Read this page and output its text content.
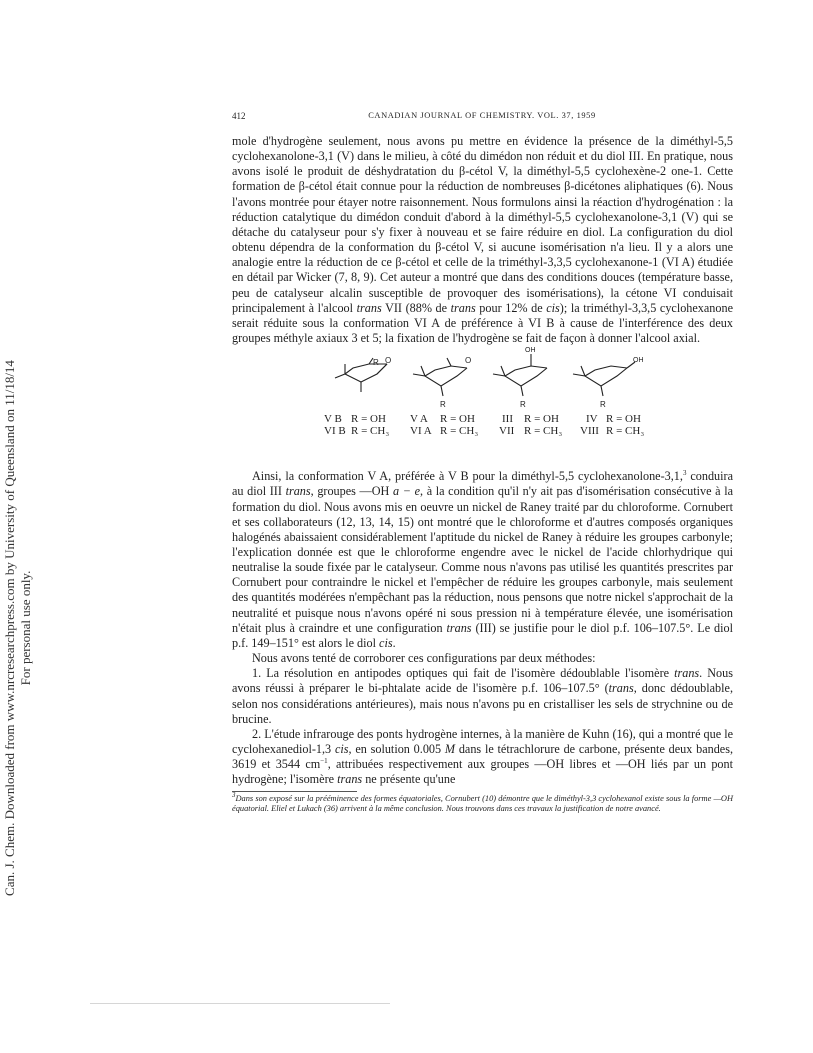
Can. J. Chem. Downloaded from www.nrcresearchpress.com by University of Queensland on 11/18/14 For personal use only.
412	CANADIAN JOURNAL OF CHEMISTRY. VOL. 37, 1959

mole d'hydrogène seulement, nous avons pu mettre en évidence la présence de la diméthyl-5,5 cyclohexanolone-3,1 (V) dans le milieu, à côté du dimédon non réduit et du diol III. En pratique, nous avons isolé le produit de déshydratation du β-cétol V, la diméthyl-5,5 cyclohexène-2 one-1. Cette formation de β-cétol était connue pour la réduction de nombreuses β-dicétones aliphatiques (6). Nous l'avons montrée pour étayer notre raisonnement. Nous formulons ainsi la réaction d'hydrogénation : la réduction catalytique du dimédon conduit d'abord à la diméthyl-5,5 cyclohexanolone-3,1 (V) qui se détache du catalyseur pour s'y fixer à nouveau et se faire réduire en diol. La configuration du diol obtenu dépendra de la conformation du β-cétol V, si aucune isomérisation n'a lieu. Il y a alors une analogie entre la réduction de ce β-cétol et celle de la triméthyl-3,3,5 cyclohexanone-1 (VI A) étudiée en détail par Wicker (7, 8, 9). Cet auteur a montré que dans des conditions douces (température basse, peu de catalyseur alcalin susceptible de provoquer des isomérisations), la cétone VI conduisait principalement à l'alcool trans VII (88% de trans pour 12% de cis); la triméthyl-3,3,5 cyclohexanone serait réduite sous la conformation VI A de préférence à VI B à cause de l'interférence des deux groupes méthyle axiaux 3 et 5; la fixation de l'hydrogène se fait de façon à donner l'alcool axial.

R O	O
R
OH
R
OH
R
V B R = OH V A R = OH III R = OH IV R = OH
VI B R = CH₃ VI A R = CH₃ VII R = CH₃ VIII R = CH₃

Ainsi, la conformation V A, préférée à V B pour la diméthyl-5,5 cyclohexanolone-3,1,$^3$ conduira au diol III trans, groupes —OH a − e, à la condition qu'il n'y ait pas d'isomérisation consécutive à la formation du diol. Nous avons mis en oeuvre un nickel de Raney traité par du chloroforme. Cornubert et ses collaborateurs (12, 13, 14, 15) ont montré que le chloroforme et d'autres composés organiques halogénés abaissaient considérablement l'aptitude du nickel de Raney à réduire les groupes carbonyle; l'explication donnée est que le chloroforme engendre avec le nickel de l'acide chlorhydrique qui neutralise la soude fixée par le catalyseur. Comme nous n'avons pas utilisé les quantités prescrites par Cornubert pour contraindre le nickel et l'empêcher de réduire les groupes carbonyle, mais seulement des quantités modérées n'empêchant pas la réduction, nous pensons que notre nickel s'approchait de la neutralité et puisque nous n'avons opéré ni sous pression ni à température élevée, une isomérisation n'était plus à craindre et une configuration trans (III) se justifie pour le diol p.f. 106–107.5°. Le diol p.f. 149–151° est alors le diol cis.

Nous avons tenté de corroborer ces configurations par deux méthodes:

1. La résolution en antipodes optiques qui fait de l'isomère dédoublable l'isomère trans. Nous avons réussi à préparer le bi-phtalate acide de l'isomère p.f. 106–107.5° (trans, donc dédoublable, selon nos considérations antérieures), mais nous n'avons pu en cristalliser les sels de strychnine ou de brucine.

2. L'étude infrarouge des ponts hydrogène internes, à la manière de Kuhn (16), qui a montré que le cyclohexanediol-1,3 cis, en solution 0.005 M dans le tétrachlorure de carbone, présente deux bandes, 3619 et 3544 $cm^{-1}$, attribuées respectivement aux groupes —OH libres et —OH liés par un pont hydrogène; l'isomère trans ne présente qu'une

$^3$Dans son exposé sur la prééminence des formes équatoriales, Cornubert (10) démontre que le diméthyl-3,3 cyclohexanol existe sous la forme —OH équatorial. Eliel et Lukach (36) arrivent à la même conclusion. Nous trouvons dans ces travaux la justification de notre avancé.
